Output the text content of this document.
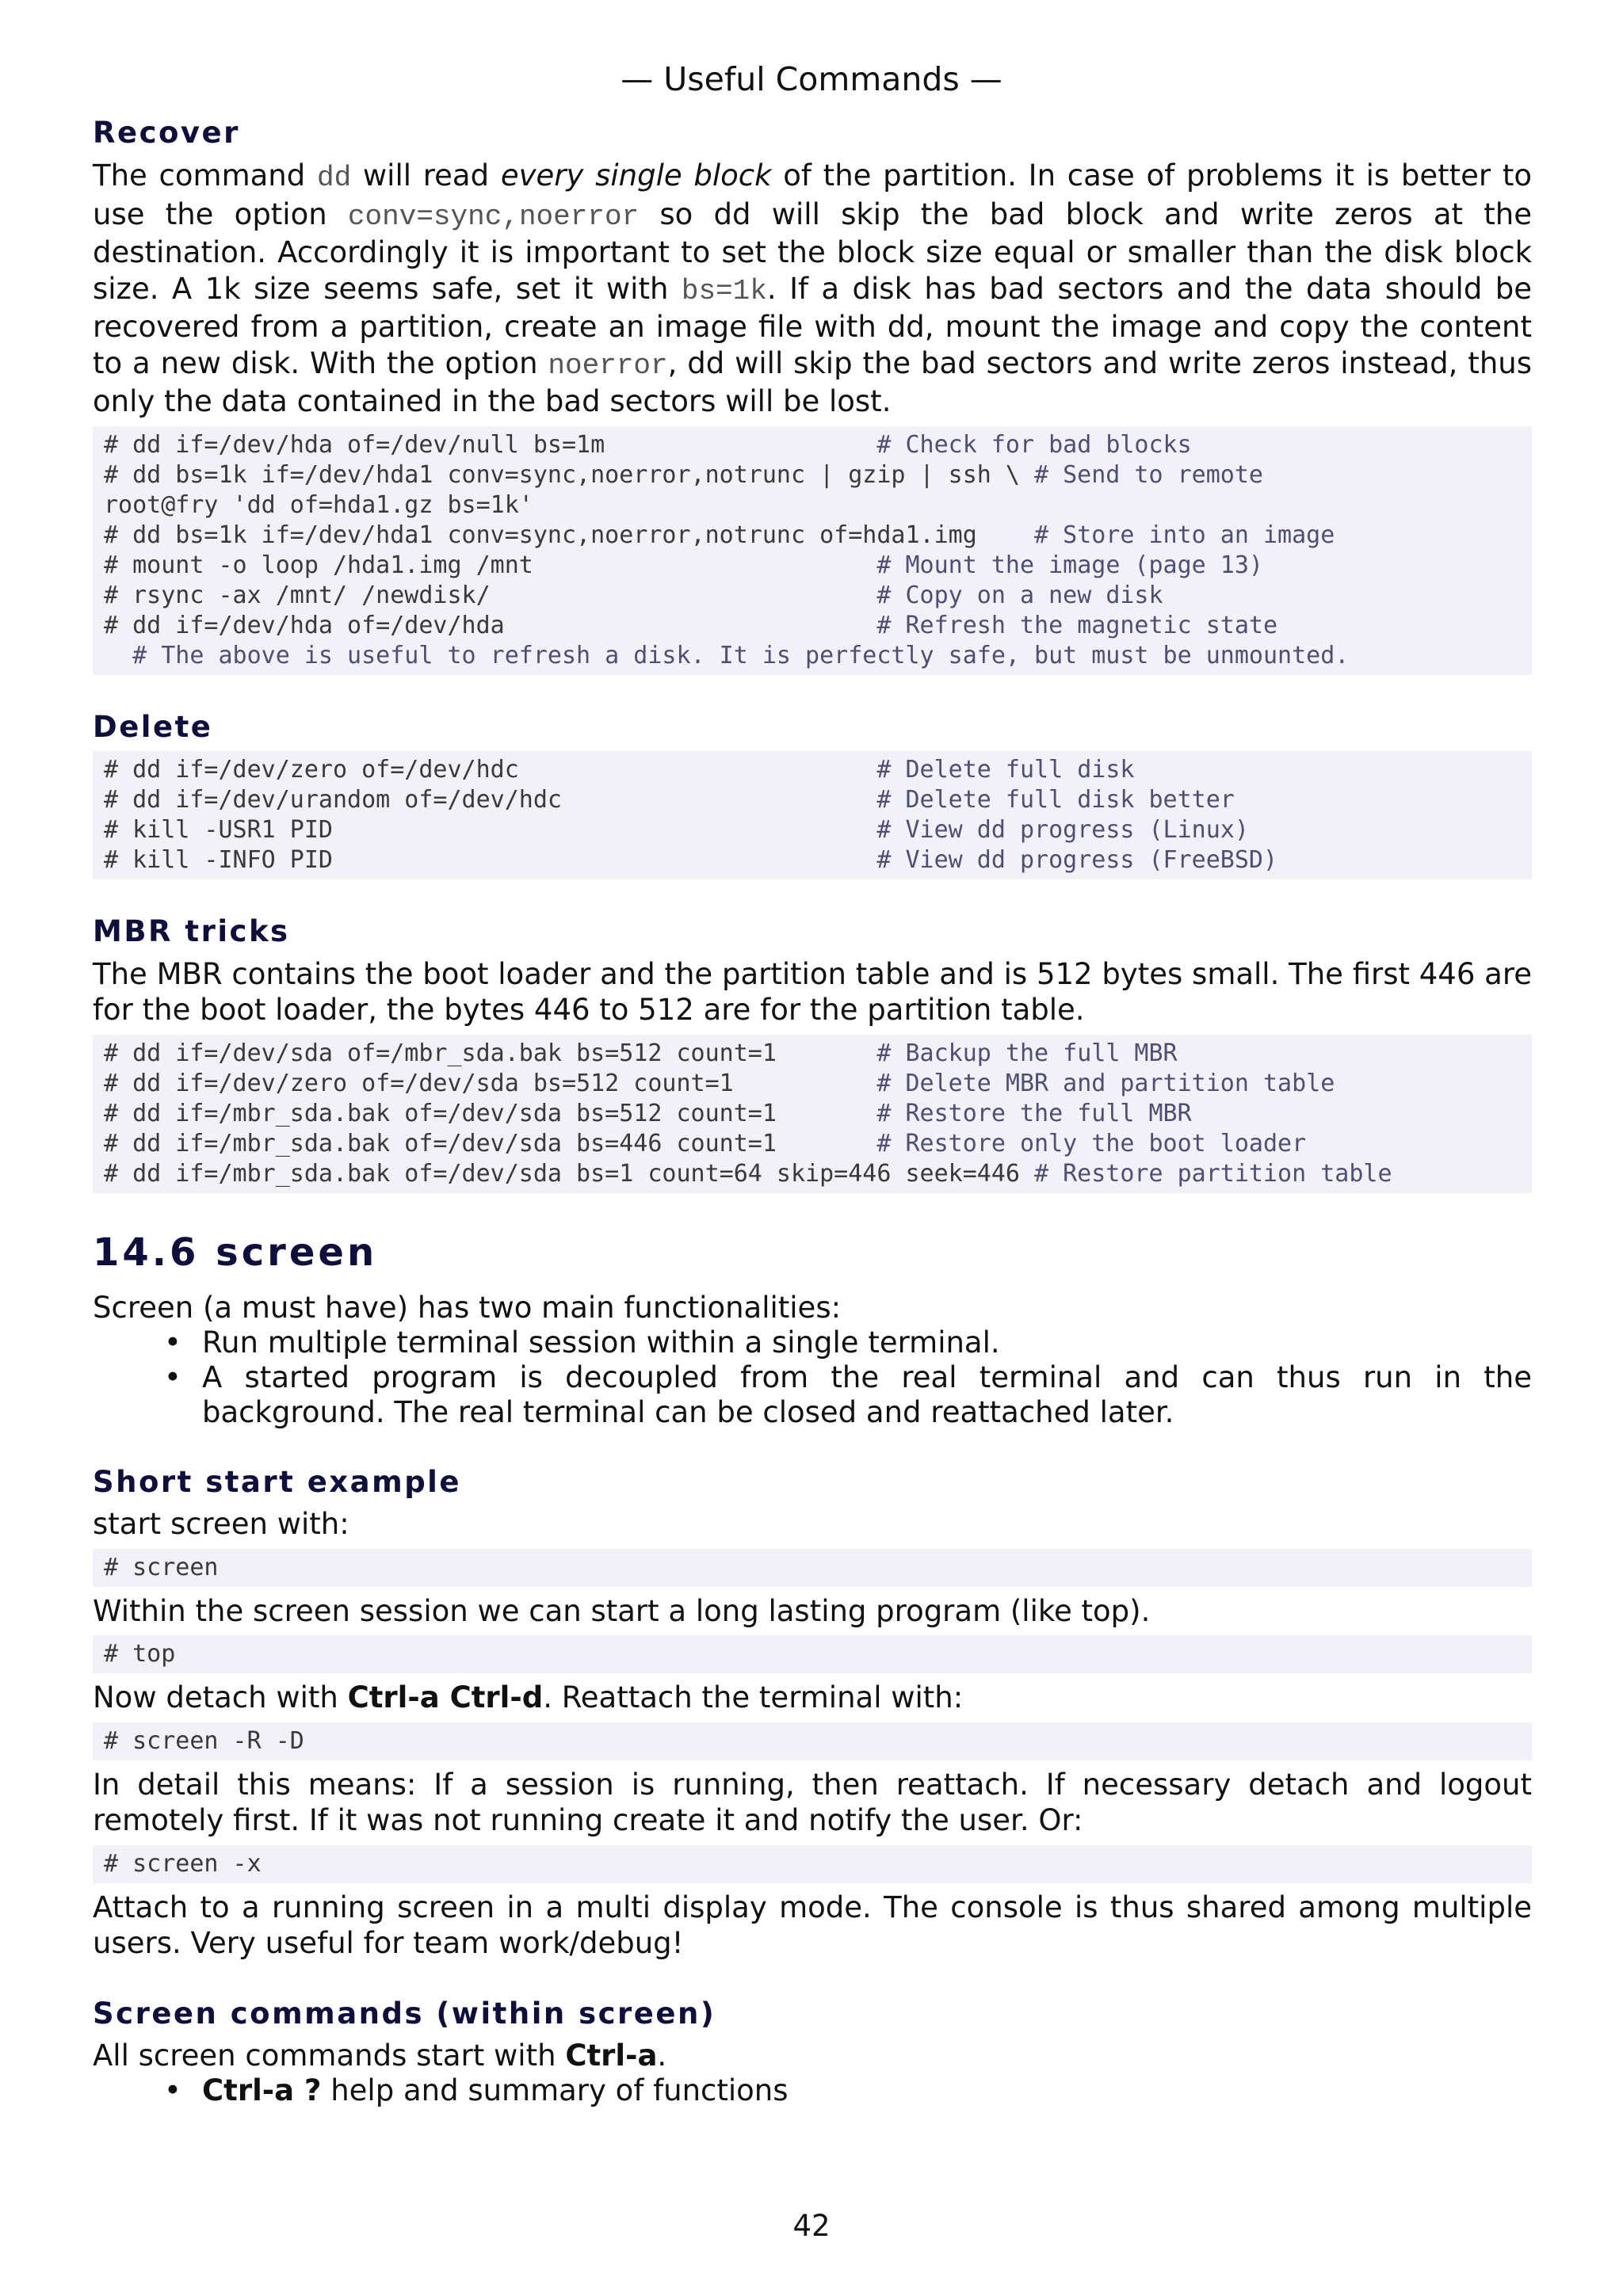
— Useful Commands —
Recover

The command dd will read every single block of the partition. In case of problems it is better to use the option conv=sync,noerror so dd will skip the bad block and write zeros at the destination. Accordingly it is important to set the block size equal or smaller than the disk block size. A 1k size seems safe, set it with bs=1k. If a disk has bad sectors and the data should be recovered from a partition, create an image file with dd, mount the image and copy the content to a new disk. With the option noerror, dd will skip the bad sectors and write zeros instead, thus only the data contained in the bad sectors will be lost.

# dd if=/dev/hda of=/dev/null bs=1m                   # Check for bad blocks
# dd bs=1k if=/dev/hda1 conv=sync,noerror,notrunc | gzip | ssh \ # Send to remote
root@fry 'dd of=hda1.gz bs=1k'
# dd bs=1k if=/dev/hda1 conv=sync,noerror,notrunc of=hda1.img    # Store into an image
# mount -o loop /hda1.img /mnt                        # Mount the image (page 13)
# rsync -ax /mnt/ /newdisk/                           # Copy on a new disk
# dd if=/dev/hda of=/dev/hda                          # Refresh the magnetic state
# The above is useful to refresh a disk. It is perfectly safe, but must be unmounted.
Delete
# dd if=/dev/zero of=/dev/hdc                         # Delete full disk
# dd if=/dev/urandom of=/dev/hdc                      # Delete full disk better
# kill -USR1 PID                                      # View dd progress (Linux)
# kill -INFO PID                                      # View dd progress (FreeBSD)
MBR tricks

The MBR contains the boot loader and the partition table and is 512 bytes small. The first 446 are for the boot loader, the bytes 446 to 512 are for the partition table.

# dd if=/dev/sda of=/mbr_sda.bak bs=512 count=1       # Backup the full MBR
# dd if=/dev/zero of=/dev/sda bs=512 count=1          # Delete MBR and partition table
# dd if=/mbr_sda.bak of=/dev/sda bs=512 count=1       # Restore the full MBR
# dd if=/mbr_sda.bak of=/dev/sda bs=446 count=1       # Restore only the boot loader
# dd if=/mbr_sda.bak of=/dev/sda bs=1 count=64 skip=446 seek=446 # Restore partition table
14.6 screen

Screen (a must have) has two main functionalities:

• Run multiple terminal session within a single terminal.
• A started program is decoupled from the real terminal and can thus run in the background. The real terminal can be closed and reattached later.
Short start example

start screen with:

# screen

Within the screen session we can start a long lasting program (like top).

# top

Now detach with Ctrl-a Ctrl-d. Reattach the terminal with:

# screen -R -D

In detail this means: If a session is running, then reattach. If necessary detach and logout remotely first. If it was not running create it and notify the user. Or:

# screen -x

Attach to a running screen in a multi display mode. The console is thus shared among multiple users. Very useful for team work/debug!

Screen commands (within screen)

All screen commands start with Ctrl-a.

• Ctrl-a ? help and summary of functions
42
